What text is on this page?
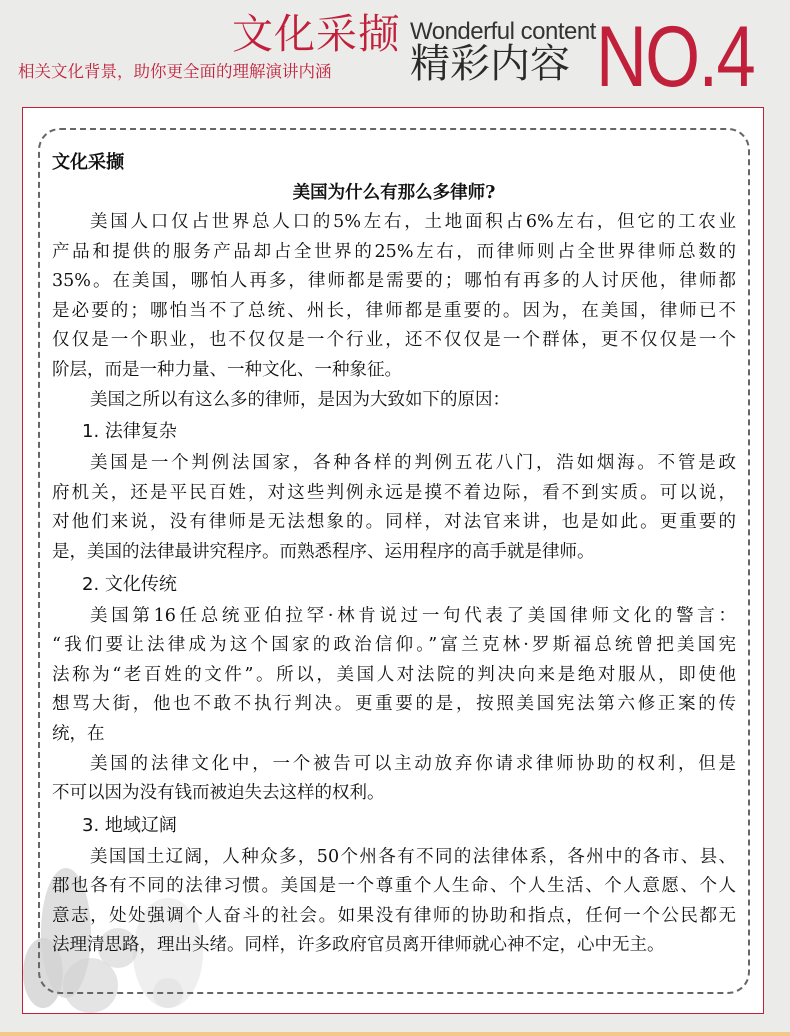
文化采撷
相关文化背景，助你更全面的理解演讲内涵
Wonderful content
精彩内容 NO.4
文化采撷
美国为什么有那么多律师?
美国人口仅占世界总人口的5%左右，土地面积占6%左右，但它的工农业
产品和提供的服务产品却占全世界的25%左右，而律师则占全世界律师总数的
35%。在美国，哪怕人再多，律师都是需要的；哪怕有再多的人讨厌他，律师都
是必要的；哪怕当不了总统、州长，律师都是重要的。因为，在美国，律师已不
仅仅是一个职业，也不仅仅是一个行业，还不仅仅是一个群体，更不仅仅是一个
阶层，而是一种力量、一种文化、一种象征。
美国之所以有这么多的律师，是因为大致如下的原因：
1. 法律复杂
美国是一个判例法国家，各种各样的判例五花八门，浩如烟海。不管是政
府机关，还是平民百姓，对这些判例永远是摸不着边际，看不到实质。可以说，
对他们来说，没有律师是无法想象的。同样，对法官来讲，也是如此。更重要的
是，美国的法律最讲究程序。而熟悉程序、运用程序的高手就是律师。
2. 文化传统
美国第16任总统亚伯拉罕·林肯说过一句代表了美国律师文化的警言：
“我们要让法律成为这个国家的政治信仰。”富兰克林·罗斯福总统曾把美国宪
法称为“老百姓的文件”。所以，美国人对法院的判决向来是绝对服从，即使他
想骂大街，他也不敢不执行判决。更重要的是，按照美国宪法第六修正案的传
统，在
美国的法律文化中，一个被告可以主动放弃你请求律师协助的权利，但是
不可以因为没有钱而被迫失去这样的权利。
3. 地域辽阔
美国国土辽阔，人种众多，50个州各有不同的法律体系，各州中的各市、县、
郡也各有不同的法律习惯。美国是一个尊重个人生命、个人生活、个人意愿、个人
意志，处处强调个人奋斗的社会。如果没有律师的协助和指点，任何一个公民都无
法理清思路，理出头绪。同样，许多政府官员离开律师就心神不定，心中无主。
